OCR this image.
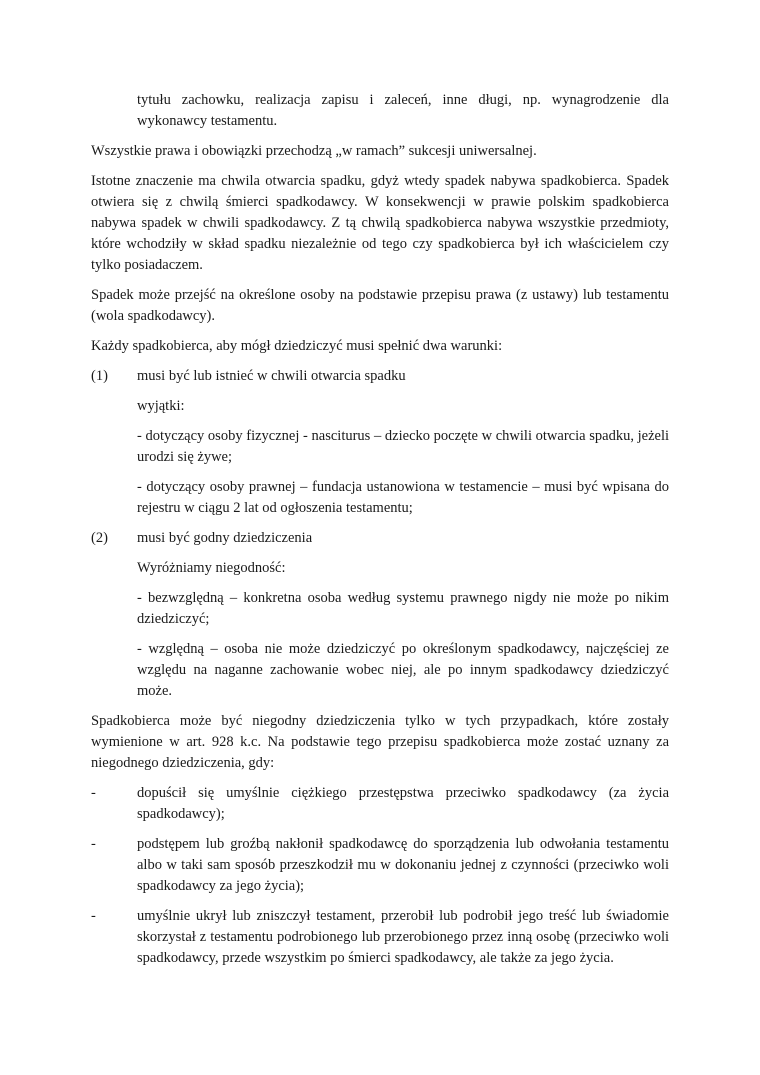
tytułu zachowku, realizacja zapisu i zaleceń, inne długi, np. wynagrodzenie dla wykonawcy testamentu.

Wszystkie prawa i obowiązki przechodzą „w ramach” sukcesji uniwersalnej.

Istotne znaczenie ma chwila otwarcia spadku, gdyż wtedy spadek nabywa spadkobierca. Spadek otwiera się z chwilą śmierci spadkodawcy. W konsekwencji w prawie polskim spadkobierca nabywa spadek w chwili spadkodawcy. Z tą chwilą spadkobierca nabywa wszystkie przedmioty, które wchodziły w skład spadku niezależnie od tego czy spadkobierca był ich właścicielem czy tylko posiadaczem.

Spadek może przejść na określone osoby na podstawie przepisu prawa (z ustawy) lub testamentu (wola spadkodawcy).

Każdy spadkobierca, aby mógł dziedziczyć musi spełnić dwa warunki:

(1)	musi być lub istnieć w chwili otwarcia spadku

wyjątki:

- dotyczący osoby fizycznej - nasciturus – dziecko poczęte w chwili otwarcia spadku, jeżeli urodzi się żywe;

- dotyczący osoby prawnej – fundacja ustanowiona w testamencie – musi być wpisana do rejestru w ciągu 2 lat od ogłoszenia testamentu;

(2)	musi być godny dziedziczenia

Wyróżniamy niegodność:

- bezwzględną – konkretna osoba według systemu prawnego nigdy nie może po nikim dziedziczyć;

- względną – osoba nie może dziedziczyć po określonym spadkodawcy, najczęściej ze względu na naganne zachowanie wobec niej, ale po innym spadkodawcy dziedziczyć może.

Spadkobierca może być niegodny dziedziczenia tylko w tych przypadkach, które zostały wymienione w art. 928 k.c. Na podstawie tego przepisu spadkobierca może zostać uznany za niegodnego dziedziczenia, gdy:

-	dopuścił się umyślnie ciężkiego przestępstwa przeciwko spadkodawcy (za życia spadkodawcy);
-	podstępem lub groźbą nakłonił spadkodawcę do sporządzenia lub odwołania testamentu albo w taki sam sposób przeszkodził mu w dokonaniu jednej z czynności (przeciwko woli spadkodawcy za jego życia);
-	umyślnie ukrył lub zniszczył testament, przerobił lub podrobił jego treść lub świadomie skorzystał z testamentu podrobionego lub przerobionego przez inną osobę (przeciwko woli spadkodawcy, przede wszystkim po śmierci spadkodawcy, ale także za jego życia.
